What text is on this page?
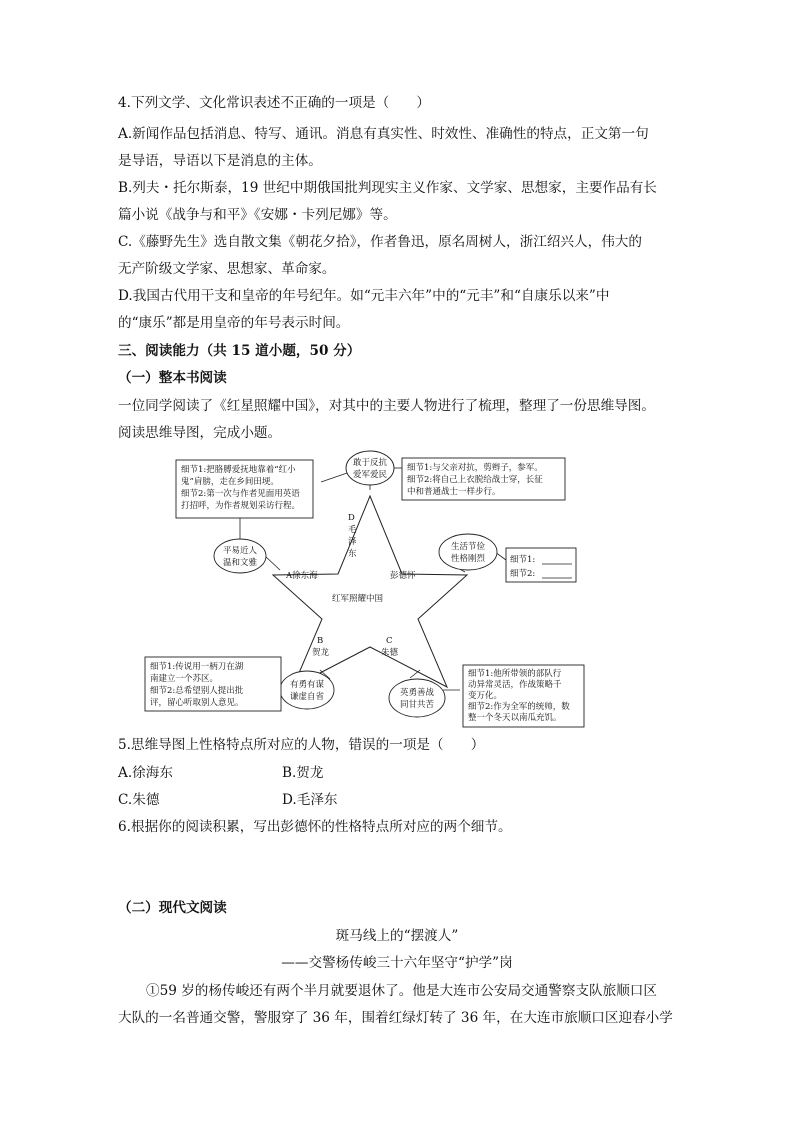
4.下列文学、文化常识表述不正确的一项是（　　）
A.新闻作品包括消息、特写、通讯。消息有真实性、时效性、准确性的特点，正文第一句
是导语，导语以下是消息的主体。
B.列夫・托尔斯泰，19 世纪中期俄国批判现实主义作家、文学家、思想家，主要作品有长
篇小说《战争与和平》《安娜・卡列尼娜》等。
C.《藤野先生》选自散文集《朝花夕拾》，作者鲁迅，原名周树人，浙江绍兴人，伟大的
无产阶级文学家、思想家、革命家。
D.我国古代用干支和皇帝的年号纪年。如“元丰六年”中的“元丰”和“自康乐以来”中
的“康乐”都是用皇帝的年号表示时间。
三、阅读能力（共 15 道小题，50 分）
（一）整本书阅读
一位同学阅读了《红星照耀中国》，对其中的主要人物进行了梳理，整理了一份思维导图。
阅读思维导图，完成小题。
D
毛
泽
东
A徐东海	彭德怀
红军照耀中国
B
贺龙
C
朱德
敢于反抗
爱军爱民
平易近人
温和文雅
生活节俭
性格刚烈
有勇有谋
谦虚自省	英勇善战
同甘共苦
细节1:把胳膊爱抚地靠着“红小
鬼”肩膀，走在乡间田埂。
细节2:第一次与作者见面用英语
打招呼，为作者规划采访行程。
细节1:与父亲对抗，剪辫子，参军。
细节2:将自己上衣脱给战士穿，长征
中和普通战士一样步行。
细节1:
细节2:
细节1:传说用一柄刀在湖
南建立一个苏区。
细节2:总希望别人提出批
评，留心听取别人意见。
细节1:他所带领的部队行
动异常灵活，作战策略千
变万化。
细节2:作为全军的统帅，数
整一个冬天以南瓜充饥。
5.思维导图上性格特点所对应的人物，错误的一项是（　　）
A.徐海东	B.贺龙
C.朱德	D.毛泽东
6.根据你的阅读积累，写出彭德怀的性格特点所对应的两个细节。
（二）现代文阅读
斑马线上的“摆渡人”
——交警杨传峻三十六年坚守“护学”岗
①59 岁的杨传峻还有两个半月就要退休了。他是大连市公安局交通警察支队旅顺口区
大队的一名普通交警，警服穿了 36 年，围着红绿灯转了 36 年，在大连市旅顺口区迎春小学
